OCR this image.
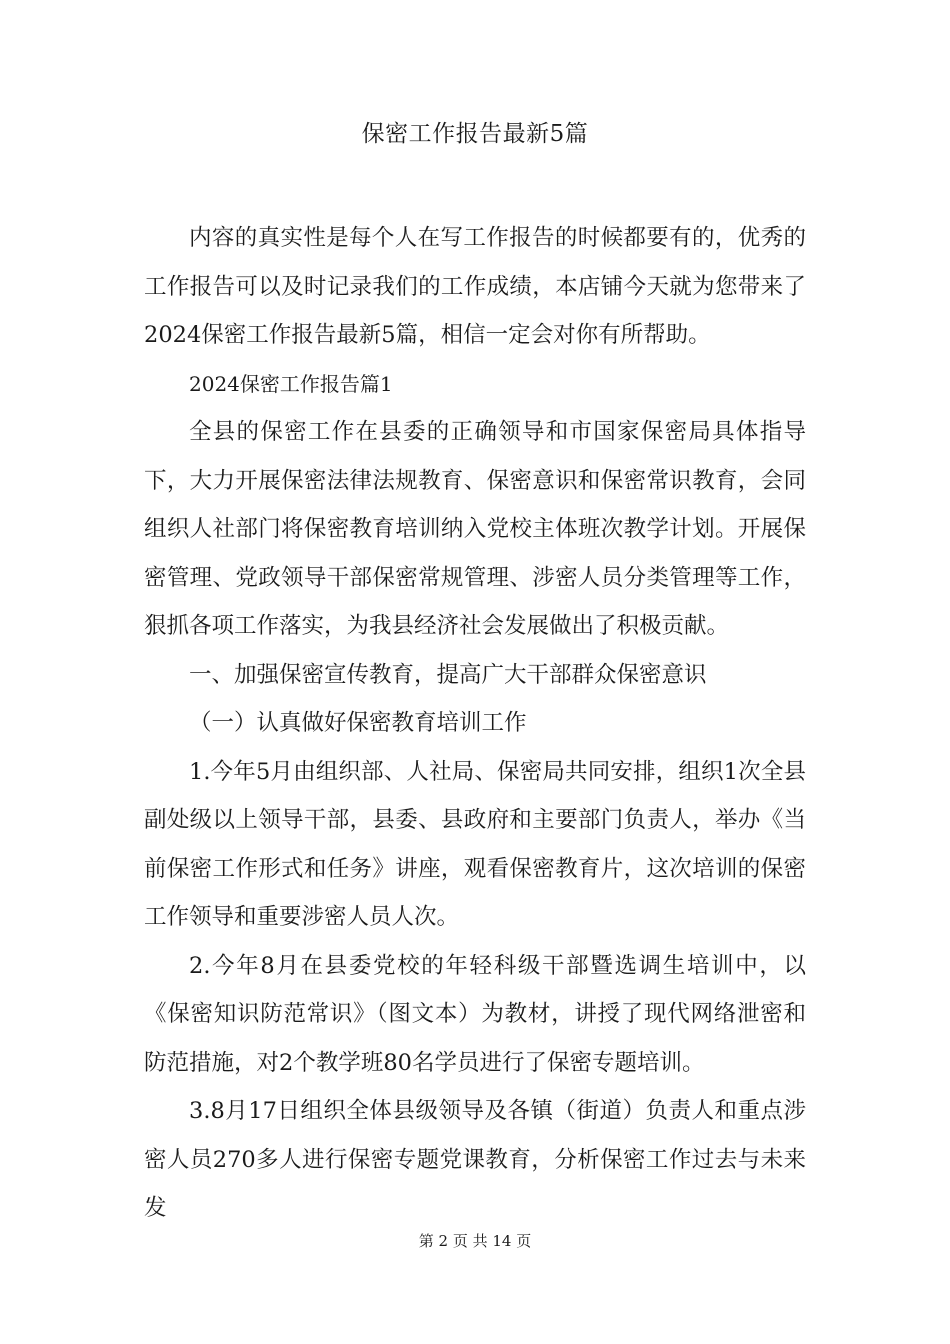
保密工作报告最新5篇

内容的真实性是每个人在写工作报告的时候都要有的，优秀的工作报告可以及时记录我们的工作成绩，本店铺今天就为您带来了2024保密工作报告最新5篇，相信一定会对你有所帮助。

2024保密工作报告篇1

全县的保密工作在县委的正确领导和市国家保密局具体指导下，大力开展保密法律法规教育、保密意识和保密常识教育，会同组织人社部门将保密教育培训纳入党校主体班次教学计划。开展保密管理、党政领导干部保密常规管理、涉密人员分类管理等工作，狠抓各项工作落实，为我县经济社会发展做出了积极贡献。

一、加强保密宣传教育，提高广大干部群众保密意识

（一）认真做好保密教育培训工作

1.今年5月由组织部、人社局、保密局共同安排，组织1次全县副处级以上领导干部，县委、县政府和主要部门负责人，举办《当前保密工作形式和任务》讲座，观看保密教育片，这次培训的保密工作领导和重要涉密人员人次。

2.今年8月在县委党校的年轻科级干部暨选调生培训中，以《保密知识防范常识》（图文本）为教材，讲授了现代网络泄密和防范措施，对2个教学班80名学员进行了保密专题培训。

3.8月17日组织全体县级领导及各镇（街道）负责人和重点涉密人员270多人进行保密专题党课教育，分析保密工作过去与未来发

第 2 页 共 14 页
